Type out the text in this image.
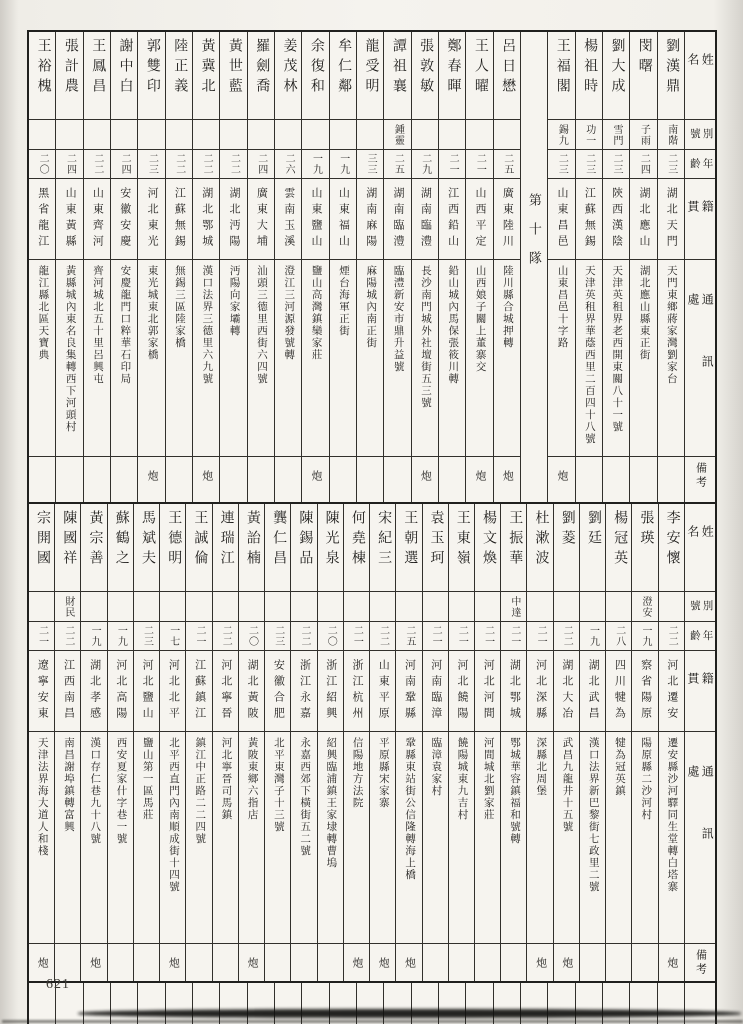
王裕槐
二〇
黑省龍江
龍江縣北區天寶典
張計農
二四
山東黃縣
黃縣城內東名良集轉西下河頭村
王鳳昌
二二
山東齊河
齊河城北五十里呂興屯
謝中白
二四
安徽安慶
安慶龍門口粹華石印局
郭雙印
二三
河北東光
東光城東北郭家橋
炮
陸正義
二二
江蘇無錫
無錫三區陸家橋
黃冀北
二二
湖北鄂城
漢口法界三德里六九號
炮
黃世藍
二二
湖北沔陽
沔陽向家壩轉
羅劍喬
二四
廣東大埔
汕頭三德里西街六四號
姜茂林
二六
雲南玉溪
澄江三河源發號轉
余復和
一九
山東鹽山
鹽山高灣鎮欒家莊
炮
牟仁鄰
一九
山東福山
煙台海軍正街
龍受明
三三
湖南麻陽
麻陽城內南正街
譚祖襄
鍾靈
二五
湖南臨澧
臨澧新安市鼎升益號
張敦敏
二九
湖南臨澧
長沙南門城外社壇街五三號
炮
鄭春暉
二一
江西鉛山
鉛山城內馬保張筱川轉
王人曜
二一
山西平定
山西娘子關上董寨交
炮
呂日懋
二五
廣東陸川
陸川縣合城押轉
炮
第十隊
王福閣
錫九
二三
山東昌邑
山東昌邑十字路
炮
楊祖時
功一
二三
江蘇無錫
天津英租界華蔭西里二百四十八號
劉大成
雪門
二三
陝西漢陰
天津英租界老西開東關八十一號
閔曙
子雨
二四
湖北應山
湖北應山縣東正街
劉漢鼎
南階
二三
湖北天門
天門東鄉蔣家灣劉家台
姓名
別號
年齡
籍貫
通訊處
備考
宗開國
二一
遼寧安東
天津法界海大道人和棧
炮
陳國祥
財民
二二
江西南昌
南昌謝埠鎮轉富興
黃宗善
一九
湖北孝感
漢口存仁巷九十八號
炮
蘇鶴之
一九
河北高陽
西安夏家什字巷一號
馬斌夫
二三
河北鹽山
鹽山第一區馬莊
王德明
一七
河北北平
北平西直門內南順成街十四號
炮
王誠倫
二一
江蘇鎮江
鎮江中正路二二四號
連瑞江
二二
河北寧晉
河北寧晉司馬鎮
黃詒楠
二〇
湖北黃陂
黃陂東鄉六指店
炮
龔仁昌
二三
安徽合肥
北平東灣子十三號
陳錫品
二二
浙江永嘉
永嘉西郊下橫街五二號
陳光泉
二〇
浙江紹興
紹興臨浦鎮王家埭轉曹塢
何堯棟
二一
浙江杭州
信陽地方法院
炮
宋紀三
二二
山東平原
平原縣宋家寨
炮
王朝選
二五
河南鞏縣
鞏縣東站街公信隆轉海上橋
炮
袁玉珂
二一
河南臨漳
臨漳袁家村
王東嶺
二一
河北饒陽
饒陽城東九吉村
楊文煥
二一
河北河間
河間城北劉家莊
王振華
中達
二一
湖北鄂城
鄂城華容鎮福和號轉
杜漱波
二一
河北深縣
深縣北周堡
炮
劉菱
二二
湖北大冶
武昌九龍井十五號
炮
劉廷
一九
湖北武昌
漢口法界新巴黎街七政里二號
楊冠英
二八
四川犍為
犍為冠英鎮
張瑛
澄安
一九
察省陽原
陽原縣二沙河村
李安懷
二二
河北遷安
遷安縣沙河驛同生堂轉白塔寨
炮
姓名
別號
年齡
籍貫
通訊處
備考
621
